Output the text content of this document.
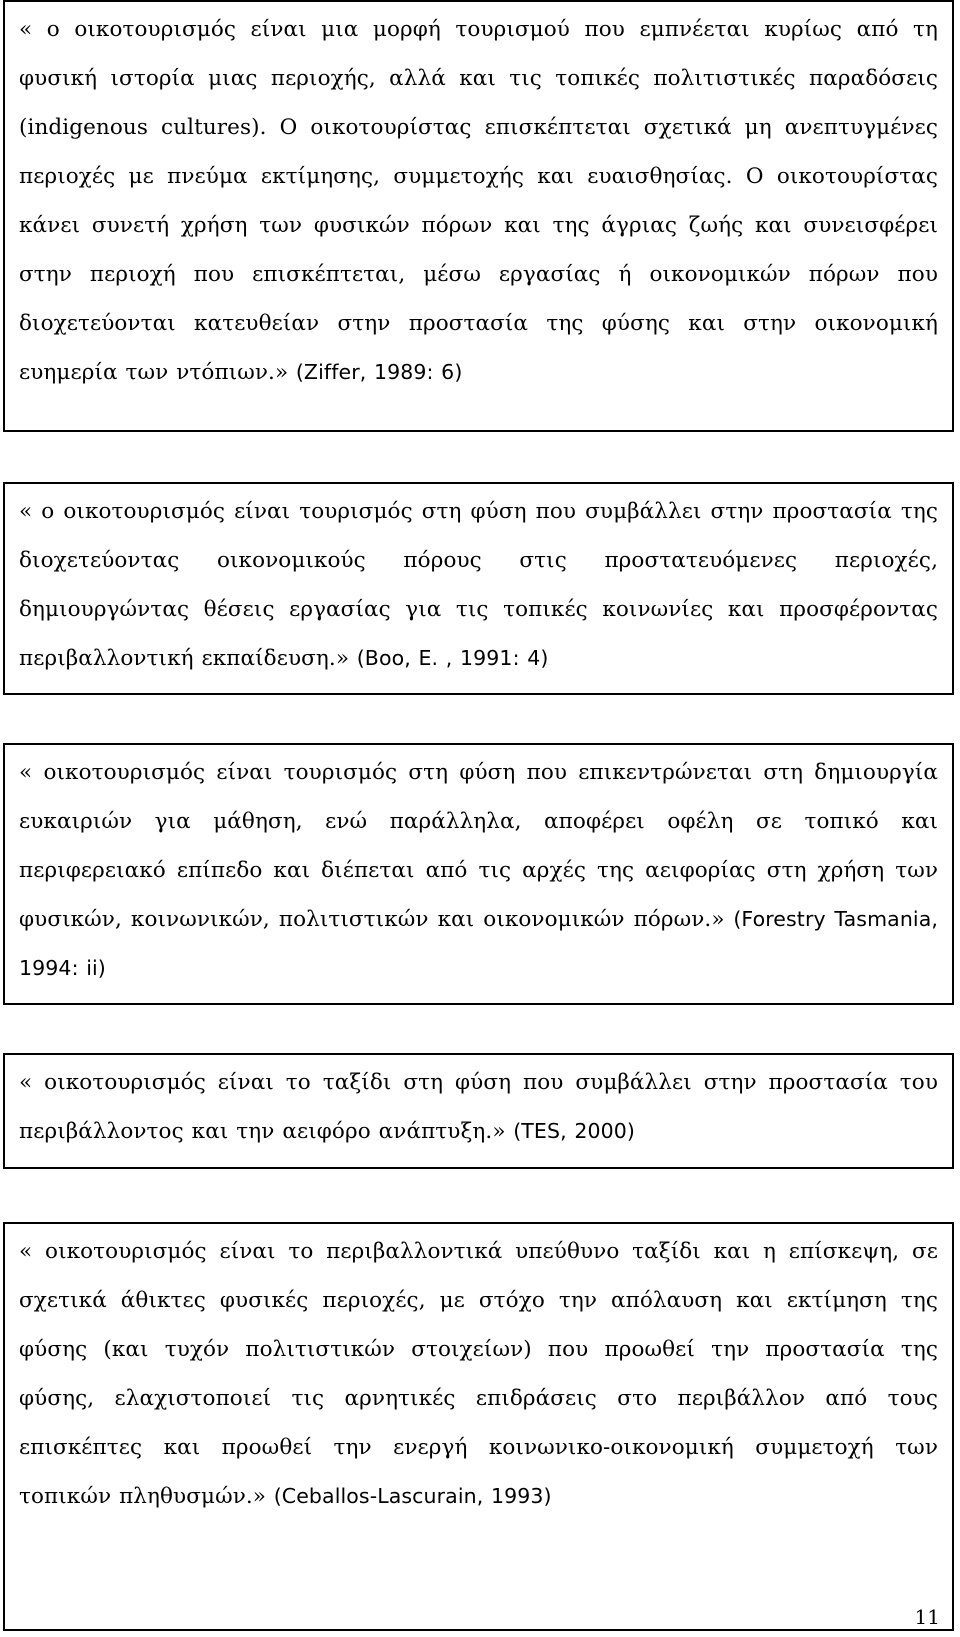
« ο οικοτουρισμός είναι μια μορφή τουρισμού που εμπνέεται κυρίως από τη φυσική ιστορία μιας περιοχής, αλλά και τις τοπικές πολιτιστικές παραδόσεις (indigenous cultures). Ο οικοτουρίστας επισκέπτεται σχετικά μη ανεπτυγμένες περιοχές με πνεύμα εκτίμησης, συμμετοχής και ευαισθησίας. Ο οικοτουρίστας κάνει συνετή χρήση των φυσικών πόρων και της άγριας ζωής και συνεισφέρει στην περιοχή που επισκέπτεται, μέσω εργασίας ή οικονομικών πόρων που διοχετεύονται κατευθείαν στην προστασία της φύσης και στην οικονομική ευημερία των ντόπιων.» (Ziffer, 1989: 6)

« ο οικοτουρισμός είναι τουρισμός στη φύση που συμβάλλει στην προστασία της διοχετεύοντας οικονομικούς πόρους στις προστατευόμενες περιοχές, δημιουργώντας θέσεις εργασίας για τις τοπικές κοινωνίες και προσφέροντας περιβαλλοντική εκπαίδευση.» (Boo, E. , 1991: 4)

« οικοτουρισμός είναι τουρισμός στη φύση που επικεντρώνεται στη δημιουργία ευκαιριών για μάθηση, ενώ παράλληλα, αποφέρει οφέλη σε τοπικό και περιφερειακό επίπεδο και διέπεται από τις αρχές της αειφορίας στη χρήση των φυσικών, κοινωνικών, πολιτιστικών και οικονομικών πόρων.» (Forestry Tasmania, 1994: ii)

« οικοτουρισμός είναι το ταξίδι στη φύση που συμβάλλει στην προστασία του περιβάλλοντος και την αειφόρο ανάπτυξη.» (TES, 2000)

« οικοτουρισμός είναι το περιβαλλοντικά υπεύθυνο ταξίδι και η επίσκεψη, σε σχετικά άθικτες φυσικές περιοχές, με στόχο την απόλαυση και εκτίμηση της φύσης (και τυχόν πολιτιστικών στοιχείων) που προωθεί την προστασία της φύσης, ελαχιστοποιεί τις αρνητικές επιδράσεις στο περιβάλλον από τους επισκέπτες και προωθεί την ενεργή κοινωνικο-οικονομική συμμετοχή των τοπικών πληθυσμών.» (Ceballos-Lascurain, 1993)

11
